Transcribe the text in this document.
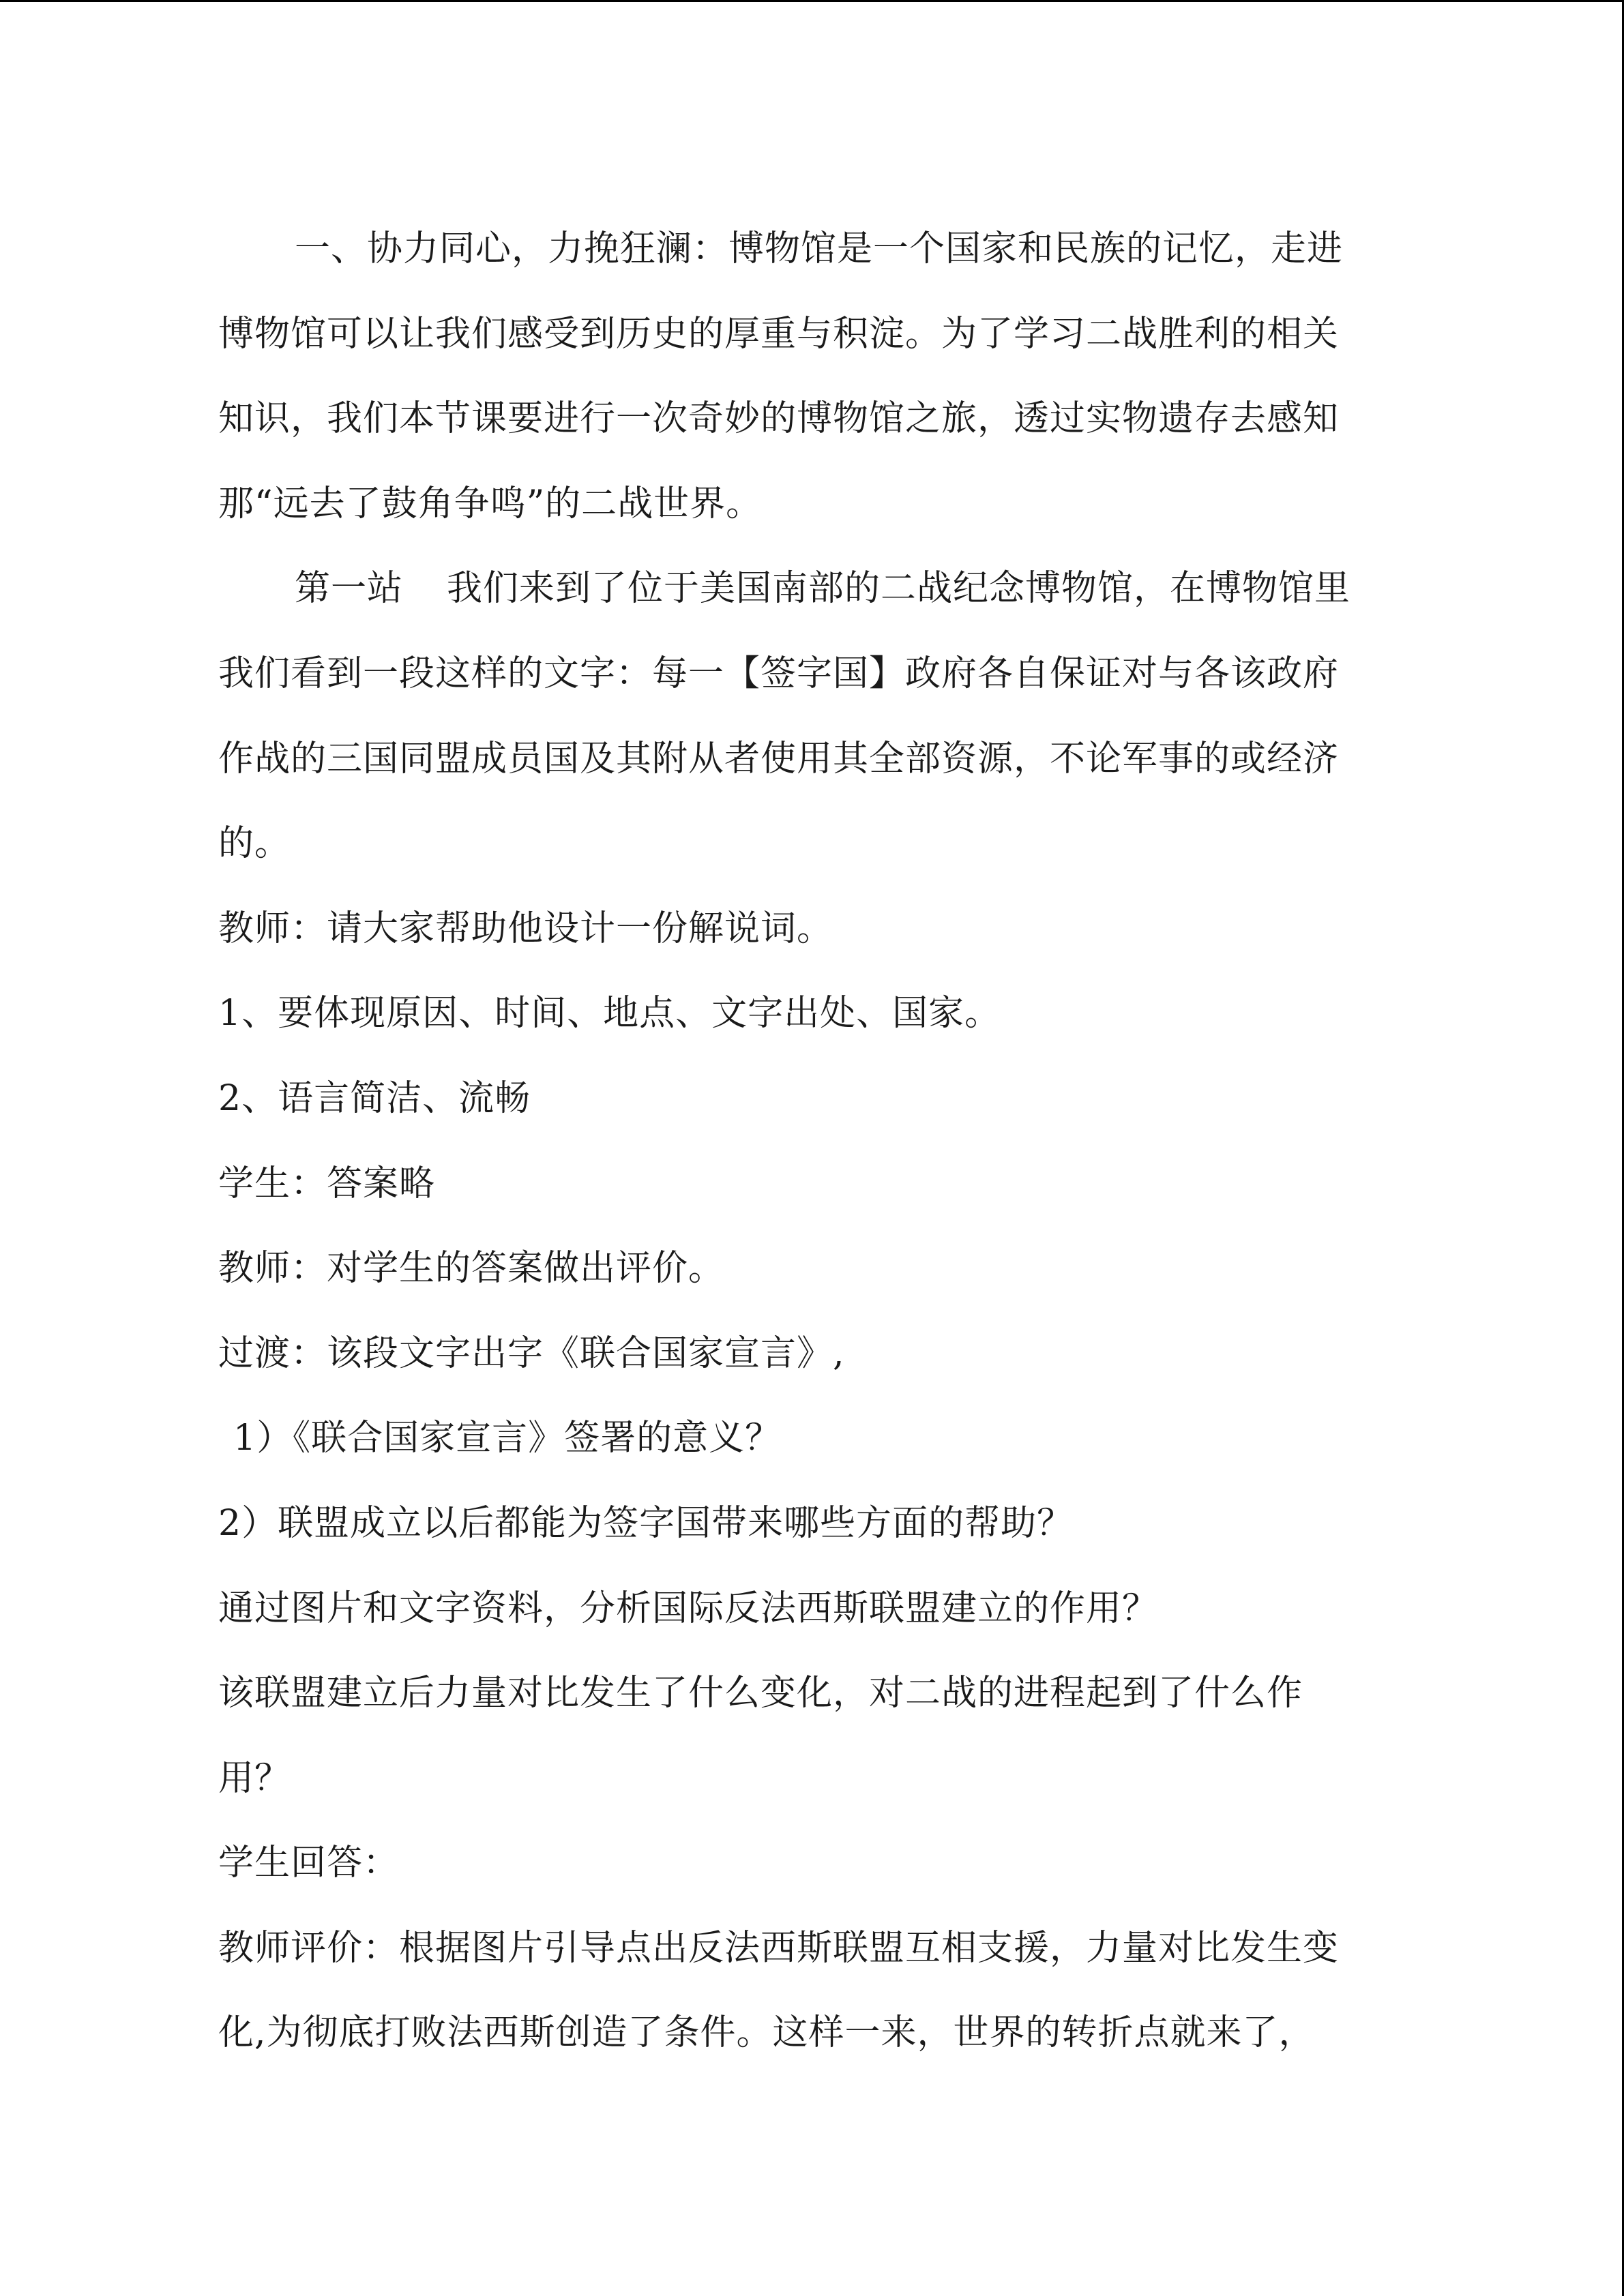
一、协力同心，力挽狂澜：博物馆是一个国家和民族的记忆，走进
博物馆可以让我们感受到历史的厚重与积淀。为了学习二战胜利的相关
知识，我们本节课要进行一次奇妙的博物馆之旅，透过实物遗存去感知
那“远去了鼓角争鸣”的二战世界。
第一站 我们来到了位于美国南部的二战纪念博物馆，在博物馆里
我们看到一段这样的文字：每一【签字国】政府各自保证对与各该政府
作战的三国同盟成员国及其附从者使用其全部资源，不论军事的或经济
的。
教师：请大家帮助他设计一份解说词。
1、要体现原因、时间、地点、文字出处、国家。
2、语言简洁、流畅
学生：答案略
教师：对学生的答案做出评价。
过渡：该段文字出字《联合国家宣言》,
1）《联合国家宣言》签署的意义？
2）联盟成立以后都能为签字国带来哪些方面的帮助？
通过图片和文字资料，分析国际反法西斯联盟建立的作用？
该联盟建立后力量对比发生了什么变化，对二战的进程起到了什么作
用？
学生回答：
教师评价：根据图片引导点出反法西斯联盟互相支援，力量对比发生变
化,为彻底打败法西斯创造了条件。这样一来，世界的转折点就来了，
